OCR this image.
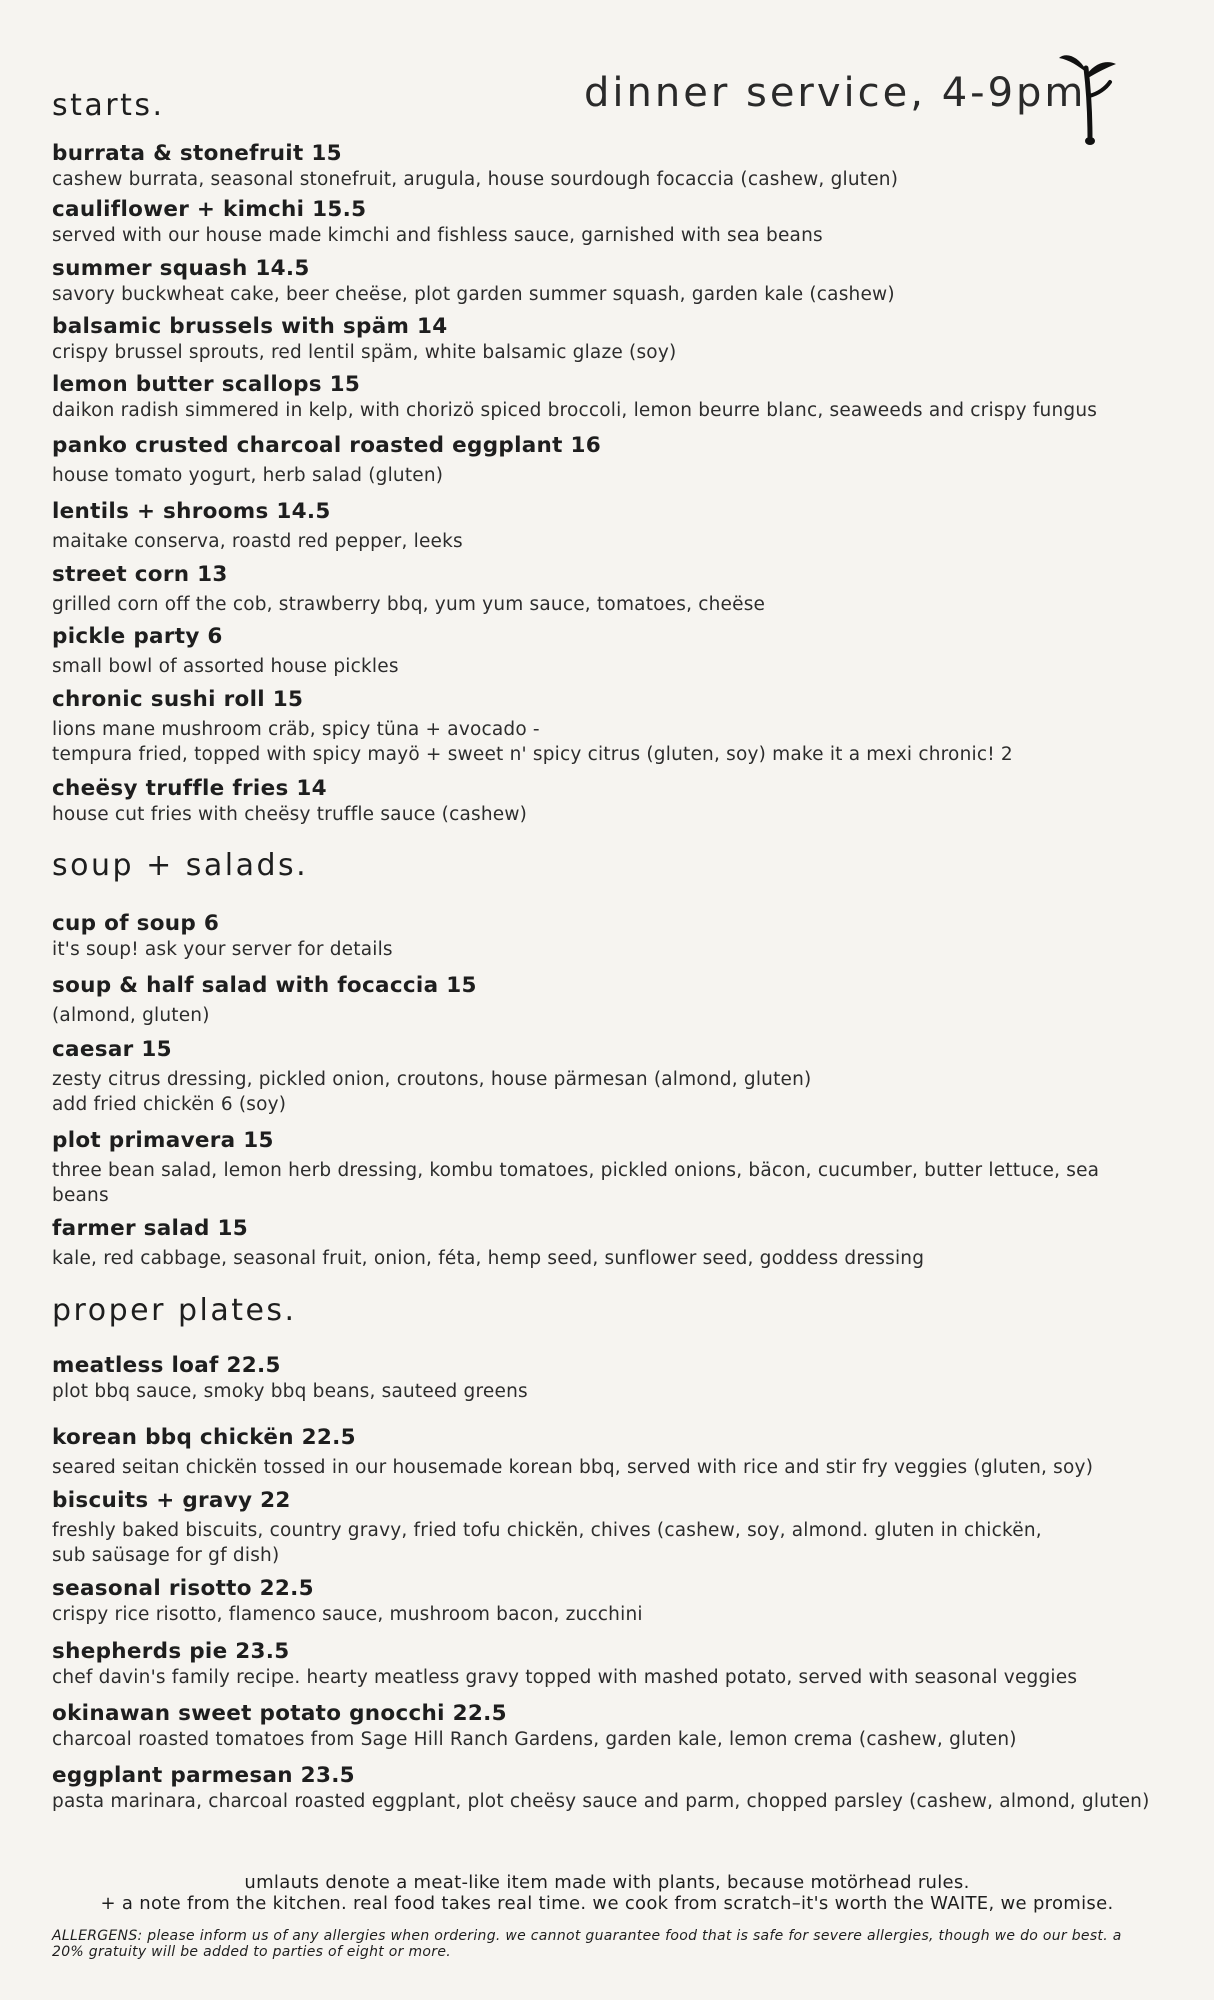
dinner service, 4-9pm
starts.
burrata & stonefruit 15
cashew burrata, seasonal stonefruit, arugula, house sourdough focaccia (cashew, gluten)
cauliflower + kimchi 15.5
served with our house made kimchi and fishless sauce, garnished with sea beans
summer squash 14.5
savory buckwheat cake, beer cheëse, plot garden summer squash, garden kale (cashew)
balsamic brussels with späm 14
crispy brussel sprouts, red lentil späm, white balsamic glaze (soy)
lemon butter scallops 15
daikon radish simmered in kelp, with chorizö spiced broccoli, lemon beurre blanc, seaweeds and crispy fungus
panko crusted charcoal roasted eggplant 16
house tomato yogurt, herb salad (gluten)
lentils + shrooms 14.5
maitake conserva, roastd red pepper, leeks
street corn 13
grilled corn off the cob, strawberry bbq, yum yum sauce, tomatoes, cheëse
pickle party 6
small bowl of assorted house pickles
chronic sushi roll 15
lions mane mushroom cräb, spicy tüna + avocado -
tempura fried, topped with spicy mayö + sweet n' spicy citrus (gluten, soy) make it a mexi chronic! 2
cheësy truffle fries 14
house cut fries with cheësy truffle sauce (cashew)
soup + salads.
cup of soup 6
it's soup! ask your server for details
soup & half salad with focaccia 15
(almond, gluten)
caesar 15
zesty citrus dressing, pickled onion, croutons, house pärmesan (almond, gluten)
add fried chickën 6 (soy)
plot primavera 15
three bean salad, lemon herb dressing, kombu tomatoes, pickled onions, bäcon, cucumber, butter lettuce, sea
beans
farmer salad 15
kale, red cabbage, seasonal fruit, onion, féta, hemp seed, sunflower seed, goddess dressing
proper plates.
meatless loaf 22.5
plot bbq sauce, smoky bbq beans, sauteed greens
korean bbq chickën 22.5
seared seitan chickën tossed in our housemade korean bbq, served with rice and stir fry veggies (gluten, soy)
biscuits + gravy 22
freshly baked biscuits, country gravy, fried tofu chickën, chives (cashew, soy, almond. gluten in chickën,
sub saüsage for gf dish)
seasonal risotto 22.5
crispy rice risotto, flamenco sauce, mushroom bacon, zucchini
shepherds pie 23.5
chef davin's family recipe. hearty meatless gravy topped with mashed potato, served with seasonal veggies
okinawan sweet potato gnocchi 22.5
charcoal roasted tomatoes from Sage Hill Ranch Gardens, garden kale, lemon crema (cashew, gluten)
eggplant parmesan 23.5
pasta marinara, charcoal roasted eggplant, plot cheësy sauce and parm, chopped parsley (cashew, almond, gluten)
umlauts denote a meat-like item made with plants, because motörhead rules.
+ a note from the kitchen. real food takes real time. we cook from scratch–it's worth the WAITE, we promise.
ALLERGENS: please inform us of any allergies when ordering. we cannot guarantee food that is safe for severe allergies, though we do our best. a 20% gratuity will be added to parties of eight or more.
